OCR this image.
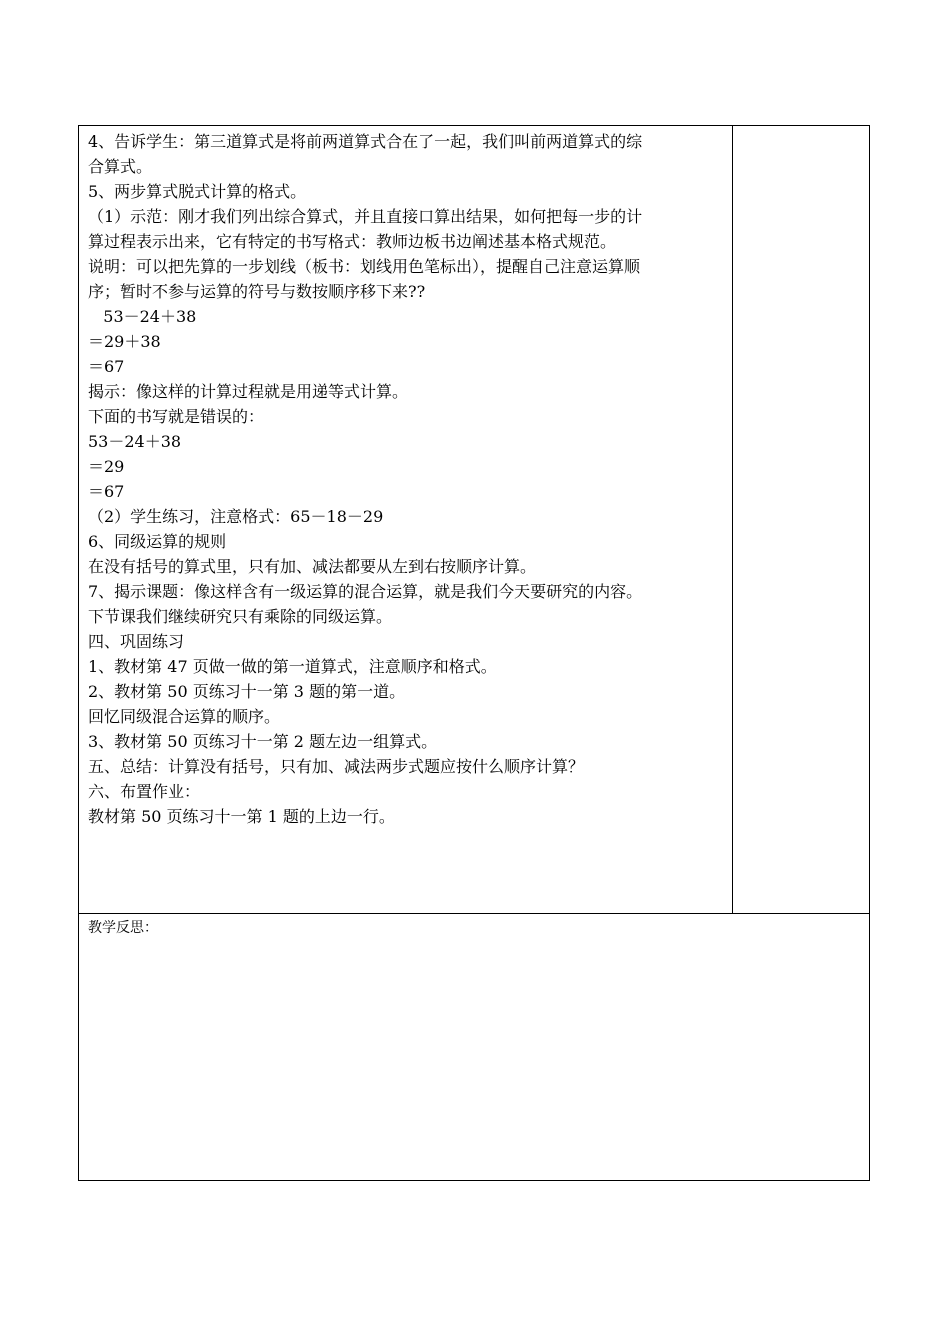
4、告诉学生：第三道算式是将前两道算式合在了一起，我们叫前两道算式的综
合算式。
5、两步算式脱式计算的格式。
（1）示范：刚才我们列出综合算式，并且直接口算出结果，如何把每一步的计
算过程表示出来，它有特定的书写格式：教师边板书边阐述基本格式规范。
说明：可以把先算的一步划线（板书：划线用色笔标出），提醒自己注意运算顺
序；暂时不参与运算的符号与数按顺序移下来??
53－24＋38
＝29＋38
＝67
揭示：像这样的计算过程就是用递等式计算。
下面的书写就是错误的：
53－24＋38
＝29
＝67
（2）学生练习，注意格式：65－18－29
6、同级运算的规则
在没有括号的算式里，只有加、减法都要从左到右按顺序计算。
7、揭示课题：像这样含有一级运算的混合运算，就是我们今天要研究的内容。
下节课我们继续研究只有乘除的同级运算。
四、巩固练习
1、教材第 47 页做一做的第一道算式，注意顺序和格式。
2、教材第 50 页练习十一第 3 题的第一道。
回忆同级混合运算的顺序。
3、教材第 50 页练习十一第 2 题左边一组算式。
五、总结：计算没有括号，只有加、减法两步式题应按什么顺序计算？
六、布置作业：
教材第 50 页练习十一第 1 题的上边一行。
教学反思：
